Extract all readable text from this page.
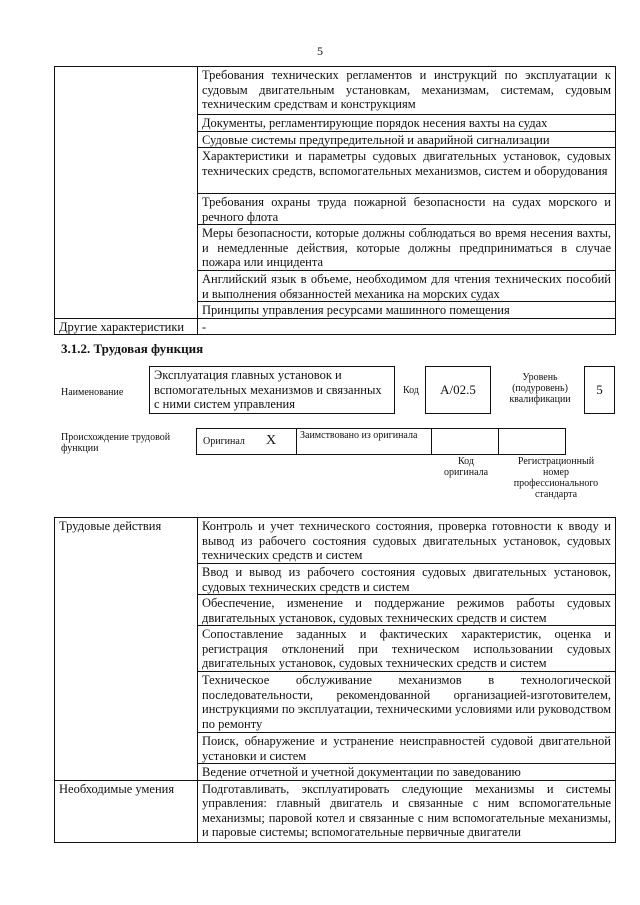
5
	Требования технических регламентов и инструкций по эксплуатации к судовым двигательным установкам, механизмам, системам, судовым техническим средствам и конструкциям
	Документы, регламентирующие порядок несения вахты на судах
	Судовые системы предупредительной и аварийной сигнализации
	Характеристики и параметры судовых двигательных установок, судовых технических средств, вспомогательных механизмов, систем и оборудования
	Требования охраны труда пожарной безопасности на судах морского и речного флота
	Меры безопасности, которые должны соблюдаться во время несения вахты, и немедленные действия, которые должны предприниматься в случае пожара или инцидента
	Английский язык в объеме, необходимом для чтения технических пособий и выполнения обязанностей механика на морских судах
	Принципы управления ресурсами машинного помещения
Другие характеристики	-
3.1.2. Трудовая функция
Наименование
Эксплуатация главных установок и вспомогательных механизмов и связанных с ними систем управления
Код А/02.5
Уровень (подуровень) квалификации
5
Происхождение трудовой функции
Оригинал X Заимствовано из оригинала
Код оригинала
Регистрационный номер профессионального стандарта
Трудовые действия	Контроль и учет технического состояния, проверка готовности к вводу и вывод из рабочего состояния судовых двигательных установок, судовых технических средств и систем
	Ввод и вывод из рабочего состояния судовых двигательных установок, судовых технических средств и систем
	Обеспечение, изменение и поддержание режимов работы судовых двигательных установок, судовых технических средств и систем
	Сопоставление заданных и фактических характеристик, оценка и регистрация отклонений при техническом использовании судовых двигательных установок, судовых технических средств и систем
	Техническое обслуживание механизмов в технологической последовательности, рекомендованной организацией-изготовителем, инструкциями по эксплуатации, техническими условиями или руководством по ремонту
	Поиск, обнаружение и устранение неисправностей судовой двигательной установки и систем
	Ведение отчетной и учетной документации по заведованию
Необходимые умения	Подготавливать, эксплуатировать следующие механизмы и системы управления: главный двигатель и связанные с ним вспомогательные механизмы; паровой котел и связанные с ним вспомогательные механизмы, и паровые системы; вспомогательные первичные двигатели
